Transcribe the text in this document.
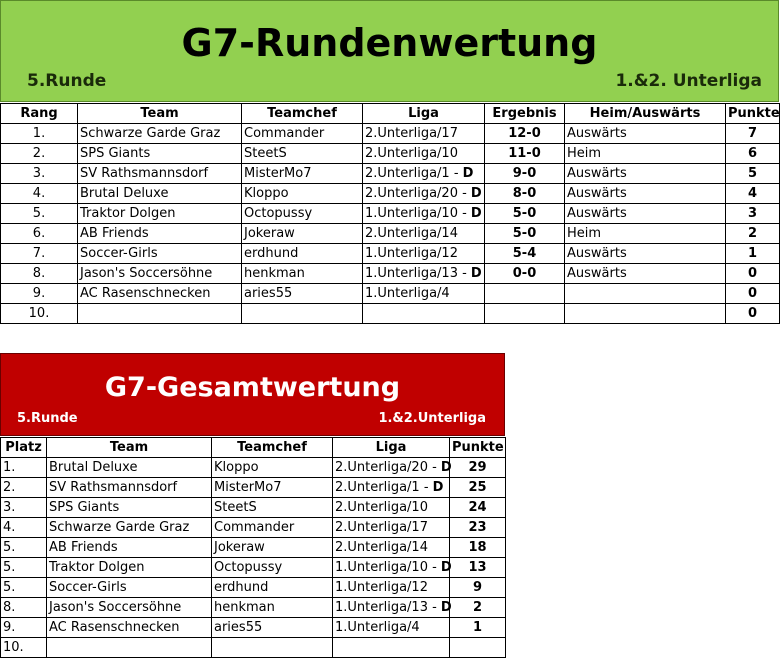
G7-Rundenwertung
5.Runde	1.&2. Unterliga
Rang	Team	Teamchef	Liga	Ergebnis	Heim/Auswärts	Punkte
1.	Schwarze Garde Graz	Commander	2.Unterliga/17	12-0	Auswärts	7
2.	SPS Giants	SteetS	2.Unterliga/10	11-0	Heim	6
3.	SV Rathsmannsdorf	MisterMo7	2.Unterliga/1 - D	9-0	Auswärts	5
4.	Brutal Deluxe	Kloppo	2.Unterliga/20 - D	8-0	Auswärts	4
5.	Traktor Dolgen	Octopussy	1.Unterliga/10 - D	5-0	Auswärts	3
6.	AB Friends	Jokeraw	2.Unterliga/14	5-0	Heim	2
7.	Soccer-Girls	erdhund	1.Unterliga/12	5-4	Auswärts	1
8.	Jason's Soccersöhne	henkman	1.Unterliga/13 - D	0-0	Auswärts	0
9.	AC Rasenschnecken	aries55	1.Unterliga/4			0
10.						0
G7-Gesamtwertung
5.Runde	1.&2.Unterliga
Platz	Team	Teamchef	Liga	Punkte
1.	Brutal Deluxe	Kloppo	2.Unterliga/20 - D	29
2.	SV Rathsmannsdorf	MisterMo7	2.Unterliga/1 - D	25
3.	SPS Giants	SteetS	2.Unterliga/10	24
4.	Schwarze Garde Graz	Commander	2.Unterliga/17	23
5.	AB Friends	Jokeraw	2.Unterliga/14	18
5.	Traktor Dolgen	Octopussy	1.Unterliga/10 - D	13
5.	Soccer-Girls	erdhund	1.Unterliga/12	9
8.	Jason's Soccersöhne	henkman	1.Unterliga/13 - D	2
9.	AC Rasenschnecken	aries55	1.Unterliga/4	1
10.				
